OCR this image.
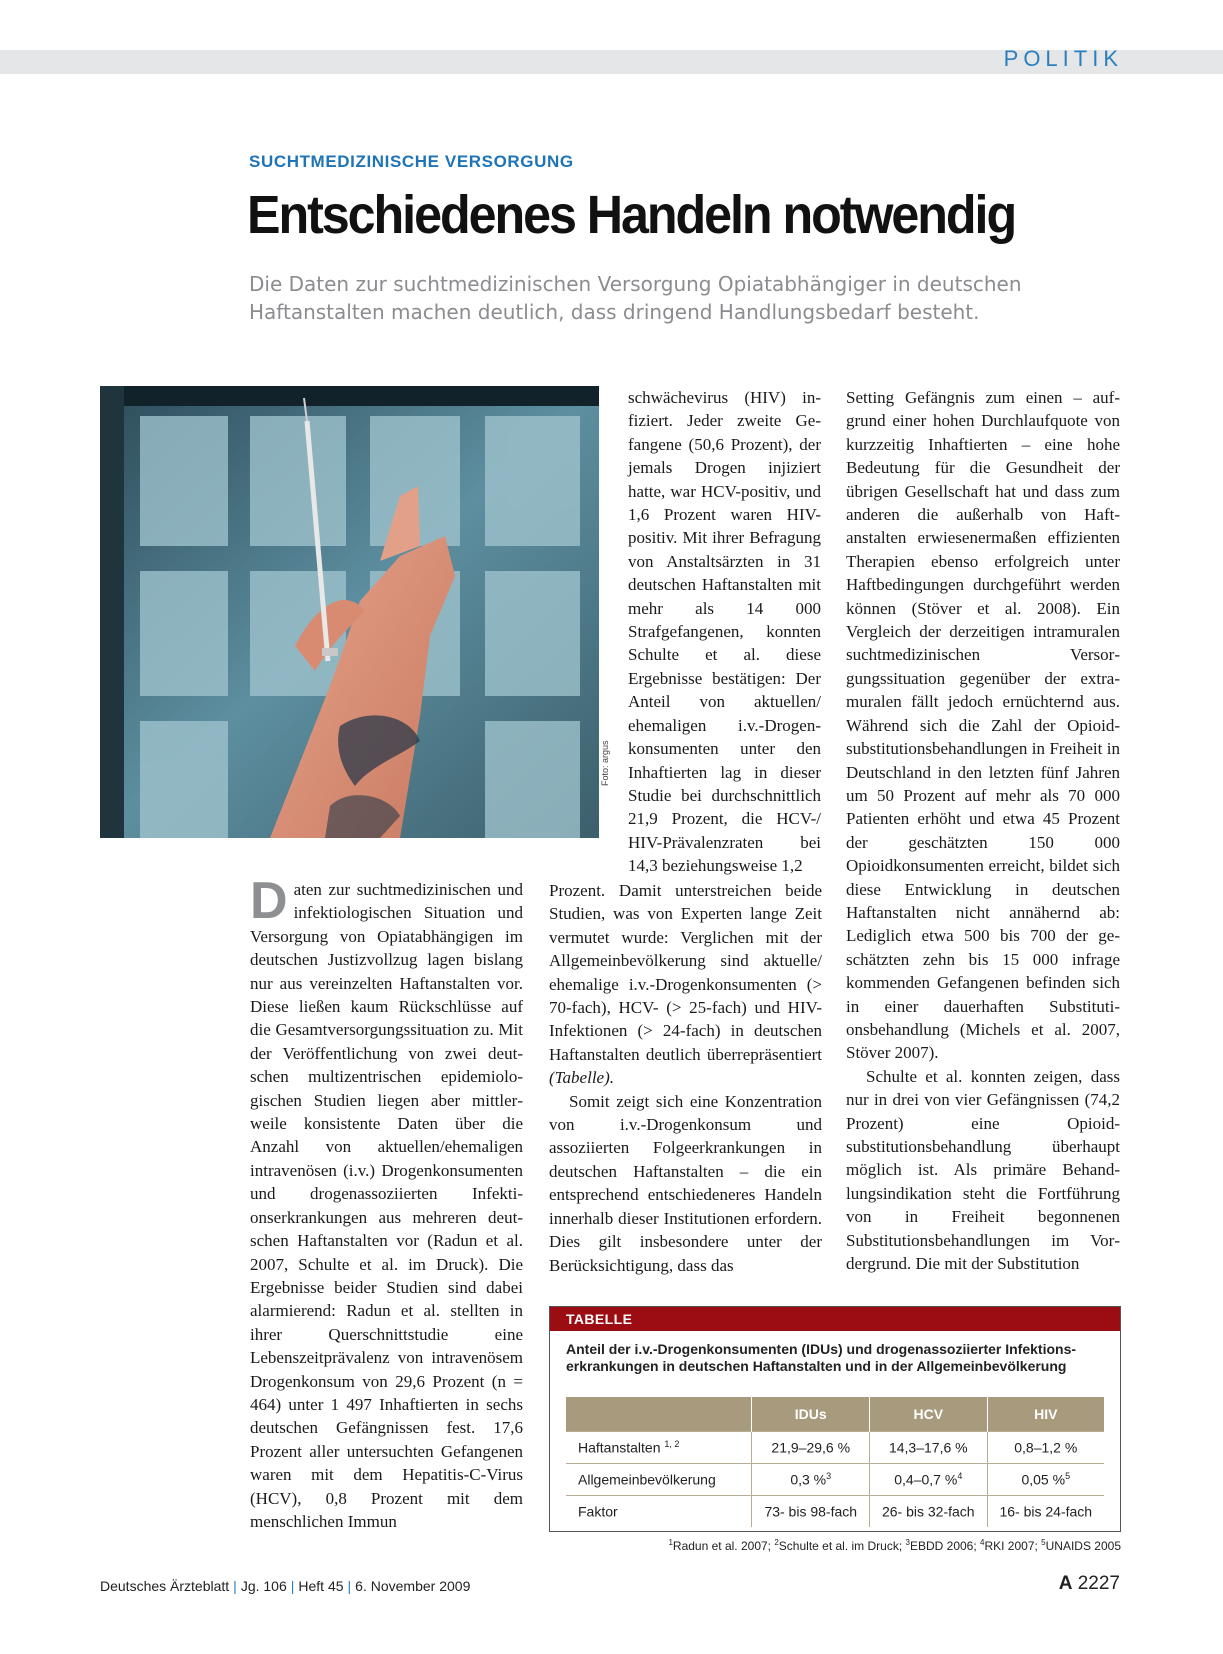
POLITIK
SUCHTMEDIZINISCHE VERSORGUNG
Entschiedenes Handeln notwendig
Die Daten zur suchtmedizinischen Versorgung Opiatabhängiger in deutschen Haftanstalten machen deutlich, dass dringend Handlungsbedarf besteht.
Foto: argus

Daten zur suchtmedizinischen und infektiologischen Situation und Versorgung von Opiatabhängigen im deutschen Justizvollzug lagen bislang nur aus vereinzelten Haftanstalten vor. Diese ließen kaum Rückschlüsse auf die Gesamtversorgungssituation zu. Mit der Veröffentlichung von zwei deutschen multizentrischen epidemiologischen Studien liegen aber mittlerweile konsistente Daten über die Anzahl von aktuellen/ehemaligen intravenösen (i.v.) Drogenkonsumenten und drogenassoziierten Infektionserkrankungen aus mehreren deutschen Haftanstalten vor (Radun et al. 2007, Schulte et al. im Druck). Die Ergebnisse beider Studien sind dabei alarmierend: Radun et al. stellten in ihrer Querschnittstudie eine Lebenszeitprävalenz von intravenösem Drogenkonsum von 29,6 Prozent (n = 464) unter 1 497 Inhaftierten in sechs deutschen Gefängnissen fest. 17,6 Prozent aller untersuchten Gefangenen waren mit dem Hepatitis-C-Virus (HCV), 0,8 Prozent mit dem menschlichen Immun

schwächevirus (HIV) infiziert. Jeder zweite Gefangene (50,6 Prozent), der jemals Drogen injiziert hatte, war HCV-positiv, und 1,6 Prozent waren HIV-positiv. Mit ihrer Befragung von Anstaltsärzten in 31 deutschen Haftanstalten mit mehr als 14 000 Strafgefangenen, konnten Schulte et al. diese Ergebnisse bestätigen: Der Anteil von aktuellen/ ehemaligen i.v.-Drogenkonsumenten unter den Inhaftierten lag in dieser Studie bei durchschnittlich 21,9 Prozent, die HCV-/ HIV-Prävalenzraten bei 14,3 beziehungsweise 1,2

Prozent. Damit unterstreichen beide Studien, was von Experten lange Zeit vermutet wurde: Verglichen mit der Allgemeinbevölkerung sind aktuelle/ ehemalige i.v.-Drogenkonsumenten (> 70-fach), HCV- (> 25-fach) und HIV-Infektionen (> 24-fach) in deutschen Haftanstalten deutlich überrepräsentiert (Tabelle).

Somit zeigt sich eine Konzentration von i.v.-Drogenkonsum und assoziierten Folgeerkrankungen in deutschen Haftanstalten – die ein entsprechend entschiedeneres Handeln innerhalb dieser Institutionen erfordern. Dies gilt insbesondere unter der Berücksichtigung, dass das

Setting Gefängnis zum einen – aufgrund einer hohen Durchlaufquote von kurzzeitig Inhaftierten – eine hohe Bedeutung für die Gesundheit der übrigen Gesellschaft hat und dass zum anderen die außerhalb von Haftanstalten erwiesenermaßen effizienten Therapien ebenso erfolgreich unter Haftbedingungen durchgeführt werden können (Stöver et al. 2008). Ein Vergleich der derzeitigen intramuralen suchtmedizinischen Versorgungssituation gegenüber der extramuralen fällt jedoch ernüchternd aus. Während sich die Zahl der Opioidsubstitutionsbehandlungen in Freiheit in Deutschland in den letzten fünf Jahren um 50 Prozent auf mehr als 70 000 Patienten erhöht und etwa 45 Prozent der geschätzten 150 000 Opioidkonsumenten erreicht, bildet sich diese Entwicklung in deutschen Haftanstalten nicht annähernd ab: Lediglich etwa 500 bis 700 der geschätzten zehn bis 15 000 infrage kommenden Gefangenen befinden sich in einer dauerhaften Substitutionsbehandlung (Michels et al. 2007, Stöver 2007).

Schulte et al. konnten zeigen, dass nur in drei von vier Gefängnissen (74,2 Prozent) eine Opioidsubstitutionsbehandlung überhaupt möglich ist. Als primäre Behandlungsindikation steht die Fortführung von in Freiheit begonnenen Substitutionsbehandlungen im Vordergrund. Die mit der Substitution

TABELLE
Anteil der i.v.-Drogenkonsumenten (IDUs) und drogenassoziierter Infektionserkrankungen in deutschen Haftanstalten und in der Allgemeinbevölkerung
	IDUs	HCV	HIV
Haftanstalten $^{1, 2}$	21,9–29,6 %	14,3–17,6 %	0,8–1,2 %
Allgemeinbevölkerung	0,3 %$^3$	0,4–0,7 %$^4$	0,05 %$^5$
Faktor	73- bis 98-fach	26- bis 32-fach	16- bis 24-fach
$^1$Radun et al. 2007; $^2$Schulte et al. im Druck; $^3$EBDD 2006; $^4$RKI 2007; $^5$UNAIDS 2005
Deutsches Ärzteblatt | Jg. 106 | Heft 45 | 6. November 2009	A 2227
